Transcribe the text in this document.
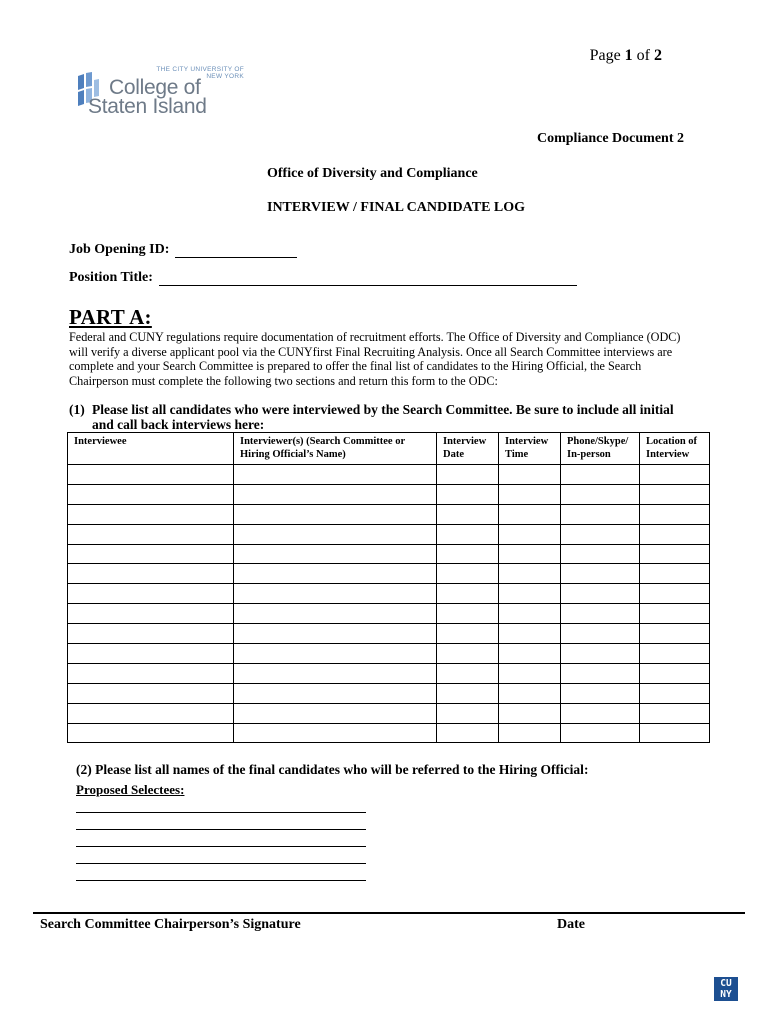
Page 1 of 2
THE CITY UNIVERSITY OF NEW YORK
College of
Staten Island
Compliance Document 2
Office of Diversity and Compliance
INTERVIEW / FINAL CANDIDATE LOG
Job Opening ID:
Position Title:
PART A:
Federal and CUNY regulations require documentation of recruitment efforts. The Office of Diversity and Compliance (ODC) will verify a diverse applicant pool via the CUNYfirst Final Recruiting Analysis. Once all Search Committee interviews are complete and your Search Committee is prepared to offer the final list of candidates to the Hiring Official, the Search Chairperson must complete the following two sections and return this form to the ODC:
(1) Please list all candidates who were interviewed by the Search Committee. Be sure to include all initial
and call back interviews here:
Interviewee	Interviewer(s) (Search Committee or Hiring Official’s Name)	Interview Date	Interview Time	Phone/Skype/ In-person	Location of Interview

(2) Please list all names of the final candidates who will be referred to the Hiring Official:
Proposed Selectees:
Search Committee Chairperson’s Signature	Date
CU
NY
